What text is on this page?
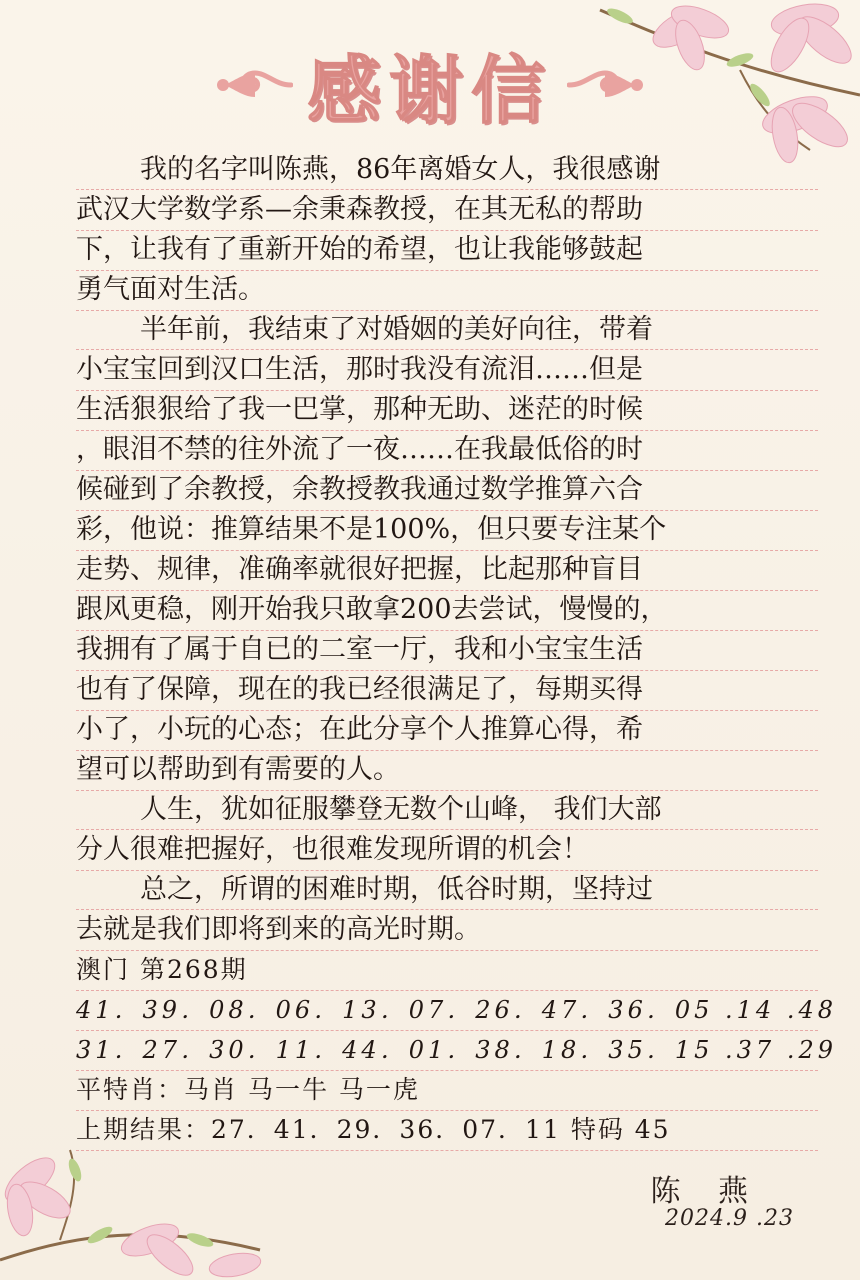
感谢信
我的名字叫陈燕，86年离婚女人，我很感谢
武汉大学数学系—余秉森教授，在其无私的帮助
下，让我有了重新开始的希望，也让我能够鼓起
勇气面对生活。
半年前，我结束了对婚姻的美好向往，带着
小宝宝回到汉口生活，那时我没有流泪……但是
生活狠狠给了我一巴掌，那种无助、迷茫的时候
，眼泪不禁的往外流了一夜……在我最低俗的时
候碰到了余教授，余教授教我通过数学推算六合
彩，他说：推算结果不是100%，但只要专注某个
走势、规律，准确率就很好把握，比起那种盲目
跟风更稳，刚开始我只敢拿200去尝试，慢慢的，
我拥有了属于自已的二室一厅，我和小宝宝生活
也有了保障，现在的我已经很满足了，每期买得
小了，小玩的心态；在此分享个人推算心得，希
望可以帮助到有需要的人。
人生，犹如征服攀登无数个山峰， 我们大部
分人很难把握好，也很难发现所谓的机会！
总之，所谓的困难时期，低谷时期，坚持过
去就是我们即将到来的高光时期。
澳门 第268期
41．39．08．06．13．07．26．47．36．05 .14 .48
31．27．30．11．44．01．38．18．35．15 .37 .29
平特肖：马肖 马一牛 马一虎
上期结果：27．41．29．36．07．11 特码 45
陈 燕
2024.9 .23
